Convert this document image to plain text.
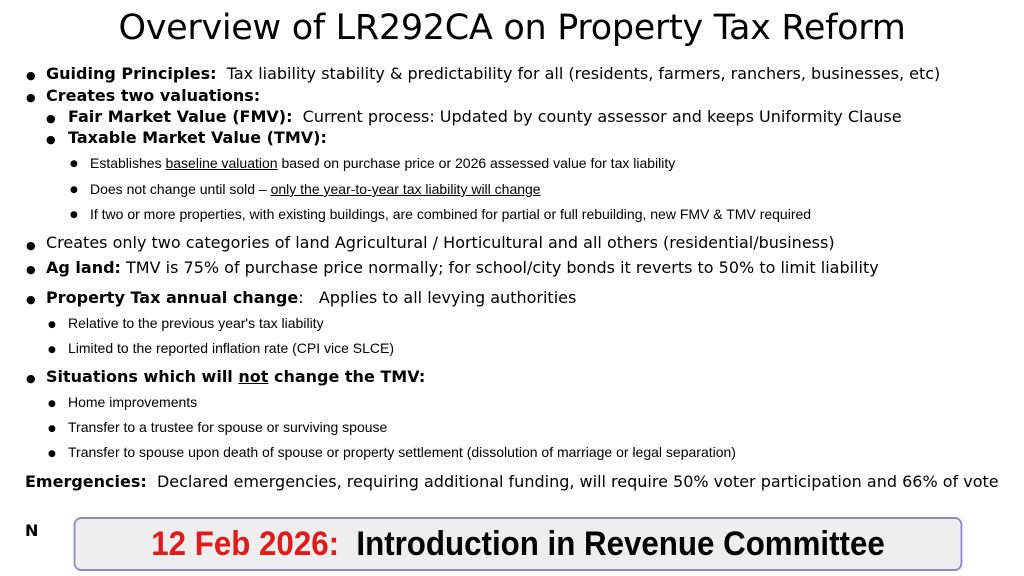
Overview of LR292CA on Property Tax Reform
● Guiding Principles: Tax liability stability & predictability for all (residents, farmers, ranchers, businesses, etc)
● Creates two valuations:
● Fair Market Value (FMV): Current process: Updated by county assessor and keeps Uniformity Clause
● Taxable Market Value (TMV):
● Establishes baseline valuation based on purchase price or 2026 assessed value for tax liability
● Does not change until sold – only the year-to-year tax liability will change
● If two or more properties, with existing buildings, are combined for partial or full rebuilding, new FMV & TMV required
● Creates only two categories of land Agricultural / Horticultural and all others (residential/business)
● Ag land: TMV is 75% of purchase price normally; for school/city bonds it reverts to 50% to limit liability
● Property Tax annual change:   Applies to all levying authorities
● Relative to the previous year's tax liability
● Limited to the reported inflation rate (CPI vice SLCE)
● Situations which will not change the TMV:
● Home improvements
● Transfer to a trustee for spouse or surviving spouse
● Transfer to spouse upon death of spouse or property settlement (dissolution of marriage or legal separation)
Emergencies: Declared emergencies, requiring additional funding, will require 50% voter participation and 66% of vote
N	12 Feb 2026: Introduction in Revenue Committee
